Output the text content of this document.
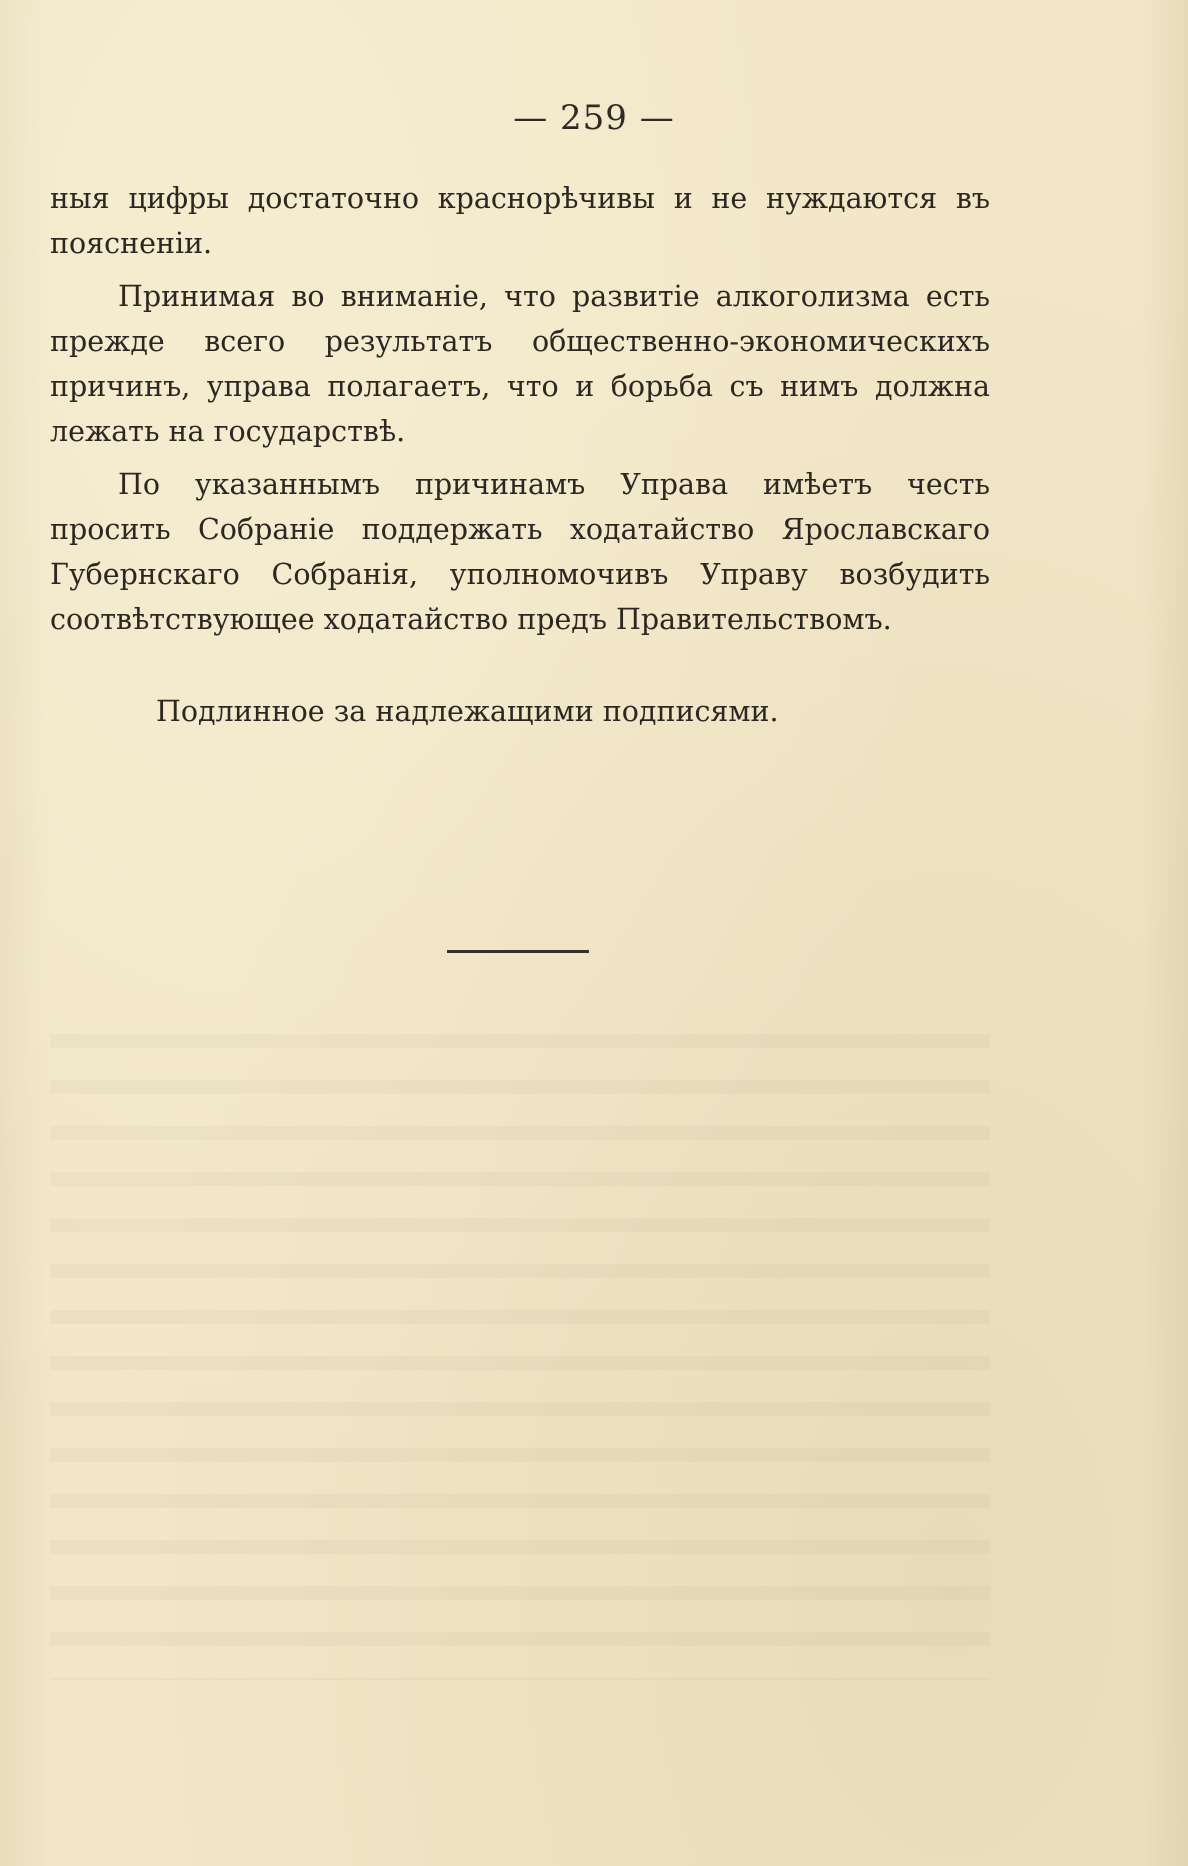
— 259 —

ныя цифры достаточно краснорѣчивы и не нуждаются въ поясненіи.

Принимая во вниманіе, что развитіе алкоголизма есть прежде всего результатъ общественно-экономическихъ причинъ, управа полагаетъ, что и борьба съ нимъ должна лежать на государствѣ.

По указаннымъ причинамъ Управа имѣетъ честь просить Собраніе поддержать ходатайство Ярославскаго Губернскаго Собранія, уполномочивъ Управу возбудить соотвѣтствующее ходатайство предъ Правительствомъ.

Подлинное за надлежащими подписями.
